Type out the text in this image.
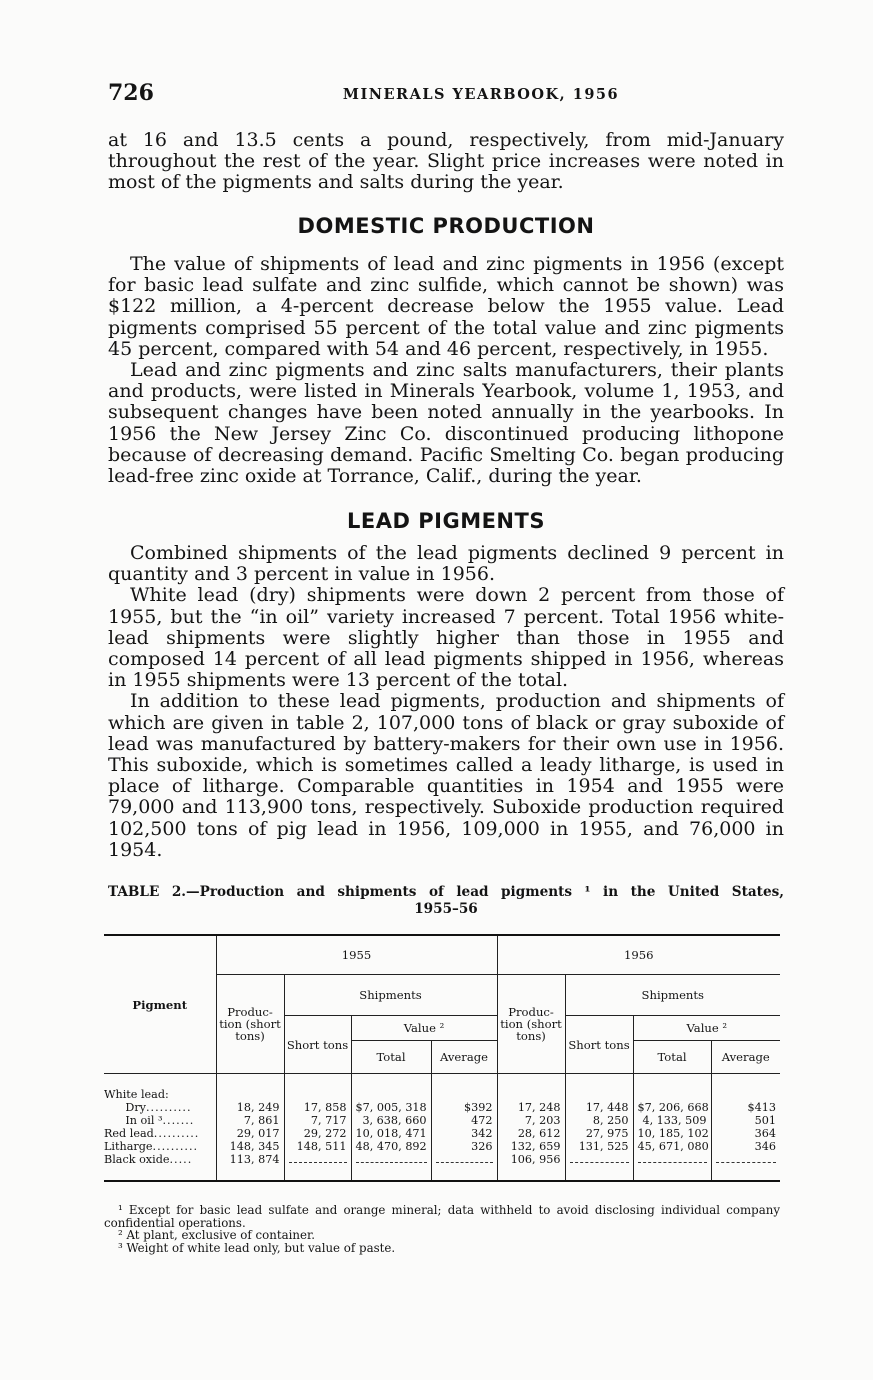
726	MINERALS YEARBOOK, 1956

at 16 and 13.5 cents a pound, respectively, from mid-January throughout the rest of the year. Slight price increases were noted in most of the pigments and salts during the year.

DOMESTIC PRODUCTION

The value of shipments of lead and zinc pigments in 1956 (except for basic lead sulfate and zinc sulfide, which cannot be shown) was $122 million, a 4-percent decrease below the 1955 value. Lead pigments comprised 55 percent of the total value and zinc pigments 45 percent, compared with 54 and 46 percent, respectively, in 1955.

Lead and zinc pigments and zinc salts manufacturers, their plants and products, were listed in Minerals Yearbook, volume 1, 1953, and subsequent changes have been noted annually in the yearbooks. In 1956 the New Jersey Zinc Co. discontinued producing lithopone because of decreasing demand. Pacific Smelting Co. began producing lead-free zinc oxide at Torrance, Calif., during the year.

LEAD PIGMENTS

Combined shipments of the lead pigments declined 9 percent in quantity and 3 percent in value in 1956.

White lead (dry) shipments were down 2 percent from those of 1955, but the “in oil” variety increased 7 percent. Total 1956 white-lead shipments were slightly higher than those in 1955 and composed 14 percent of all lead pigments shipped in 1956, whereas in 1955 shipments were 13 percent of the total.

In addition to these lead pigments, production and shipments of which are given in table 2, 107,000 tons of black or gray suboxide of lead was manufactured by battery-makers for their own use in 1956. This suboxide, which is sometimes called a leady litharge, is used in place of litharge. Comparable quantities in 1954 and 1955 were 79,000 and 113,900 tons, respectively. Suboxide production required 102,500 tons of pig lead in 1956, 109,000 in 1955, and 76,000 in 1954.

TABLE 2.—Production and shipments of lead pigments ¹ in the United States,
1955–56
Pigment	1955				1956			
	Produc-tion (short tons)	Shipments			Produc-tion (short tons)	Shipments		
		Short tons	Value ²			Short tons	Value ²	
			Total	Average			Total	Average

White lead:								
Dry..........	18, 249	17, 858	$7, 005, 318	$392	17, 248	17, 448	$7, 206, 668	$413
In oil ³.......	7, 861	7, 717	3, 638, 660	472	7, 203	8, 250	4, 133, 509	501
Red lead..........	29, 017	29, 272	10, 018, 471	342	28, 612	27, 975	10, 185, 102	364
Litharge..........	148, 345	148, 511	48, 470, 892	326	132, 659	131, 525	45, 671, 080	346
Black oxide.....	113, 874				106, 956			

¹ Except for basic lead sulfate and orange mineral; data withheld to avoid disclosing individual company confidential operations.

² At plant, exclusive of container.

³ Weight of white lead only, but value of paste.
